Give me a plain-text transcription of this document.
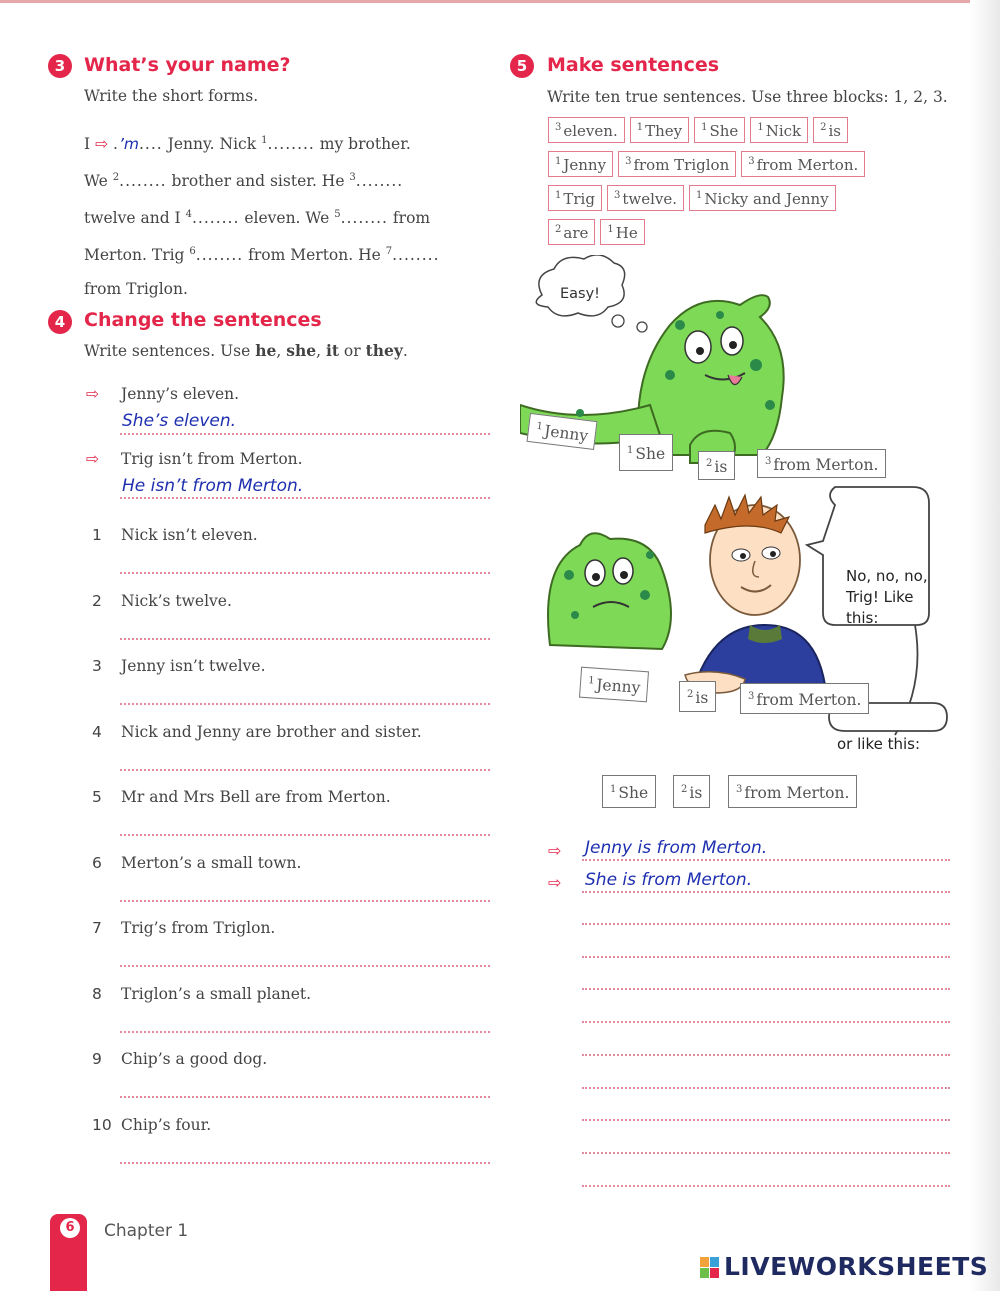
3 What’s your name?
Write the short forms.
I ⇨ .’m.... Jenny. Nick $^1$........ my brother.
We $^2$........ brother and sister. He $^3$........
twelve and I $^4$........ eleven. We $^5$........ from
Merton. Trig $^6$........ from Merton. He $^7$........
from Triglon.
4 Change the sentences
Write sentences. Use he, she, it or they.
⇨ Jenny’s eleven.
She’s eleven.
⇨ Trig isn’t from Merton.
He isn’t from Merton.
1 Nick isn’t eleven.
2 Nick’s twelve.
3 Jenny isn’t twelve.
4 Nick and Jenny are brother and sister.
5 Mr and Mrs Bell are from Merton.
6 Merton’s a small town.
7 Trig’s from Triglon.
8 Triglon’s a small planet.
9 Chip’s a good dog.
10 Chip’s four.
5	Make sentences
Write ten true sentences. Use three blocks: 1, 2, 3.
$^3$ eleven. $^1$ They $^1$ She $^1$ Nick $^2$ is
$^1$ Jenny $^3$ from Triglon $^3$ from Merton.
$^1$ Trig $^3$ twelve. $^1$ Nicky and Jenny
$^2$ are $^1$ He
Easy!
$^1$Jenny
$^1$ She
$^2$ is	$^3$ from Merton.
No, no, no, Trig! Like this:
or like this:
$^1$Jenny	$^2$ is	$^3$ from Merton.
$^1$ She	$^2$ is	$^3$ from Merton.
⇨ Jenny is from Merton.
⇨ She is from Merton.
6	Chapter 1
LIVEWORKSHEETS
